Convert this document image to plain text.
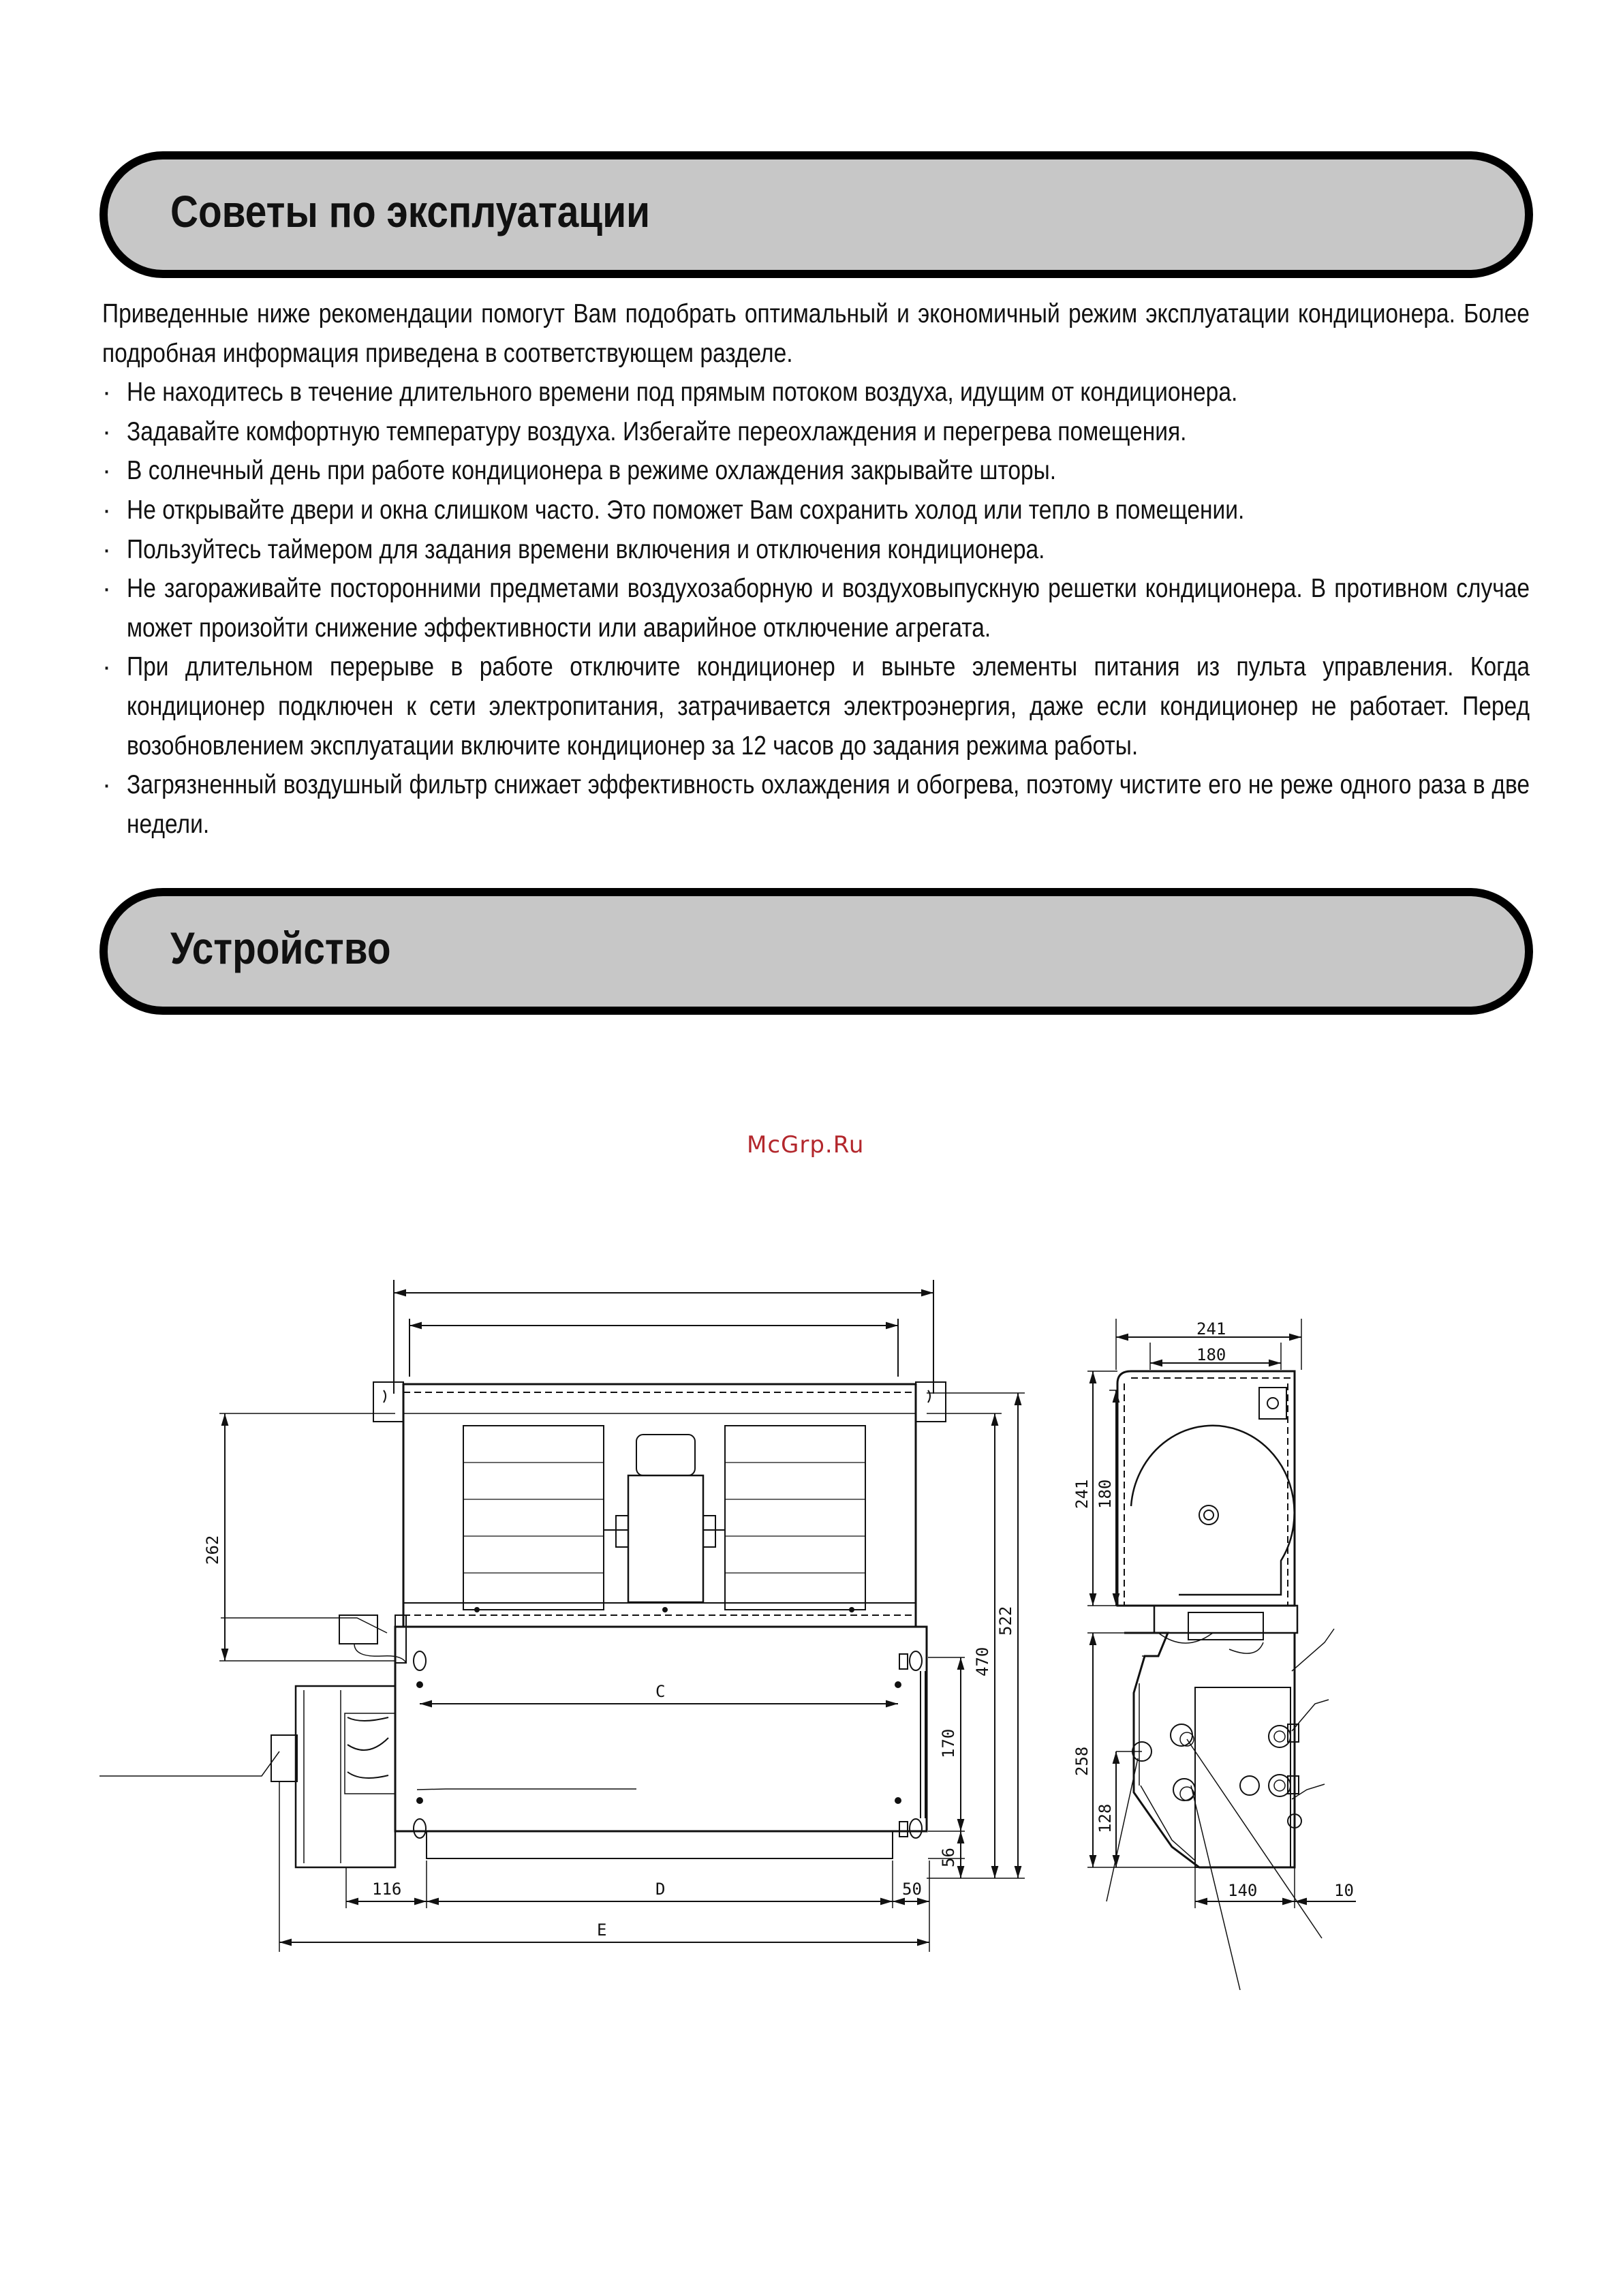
Советы по эксплуатации
Приведенные ниже рекомендации помогут Вам подобрать оптимальный и экономичный режим эксплуатации кондиционера. Более подробная информация приведена в соответствующем разделе.
· Не находитесь в течение длительного времени под прямым потоком воздуха, идущим от кондиционера.
· Задавайте комфортную температуру воздуха. Избегайте переохлаждения и перегрева помещения.
· В солнечный день при работе кондиционера в режиме охлаждения закрывайте шторы.
· Не открывайте двери и окна слишком часто. Это поможет Вам сохранить холод или тепло в помещении.
· Пользуйтесь таймером для задания времени включения и отключения кондиционера.
· Не загораживайте посторонними предметами воздухозаборную и воздуховыпускную решетки кондиционера. В противном случае может произойти снижение эффективности или аварийное отключение агрегата.
· При длительном перерыве в работе отключите кондиционер и выньте элементы питания из пульта управления. Когда кондиционер подключен к сети электропитания, затрачивается электроэнергия, даже если кондиционер не работает. Перед возобновлением эксплуатации включите кондиционер за 12 часов до задания режима работы.
· Загрязненный воздушный фильтр снижает эффективность охлаждения и обогрева, поэтому чистите его не реже одного раза в две недели.
Устройство
McGrp.Ru
262
470
522
170
56
C
D
E
116	50
241
180
241 180
258
128
140	10
